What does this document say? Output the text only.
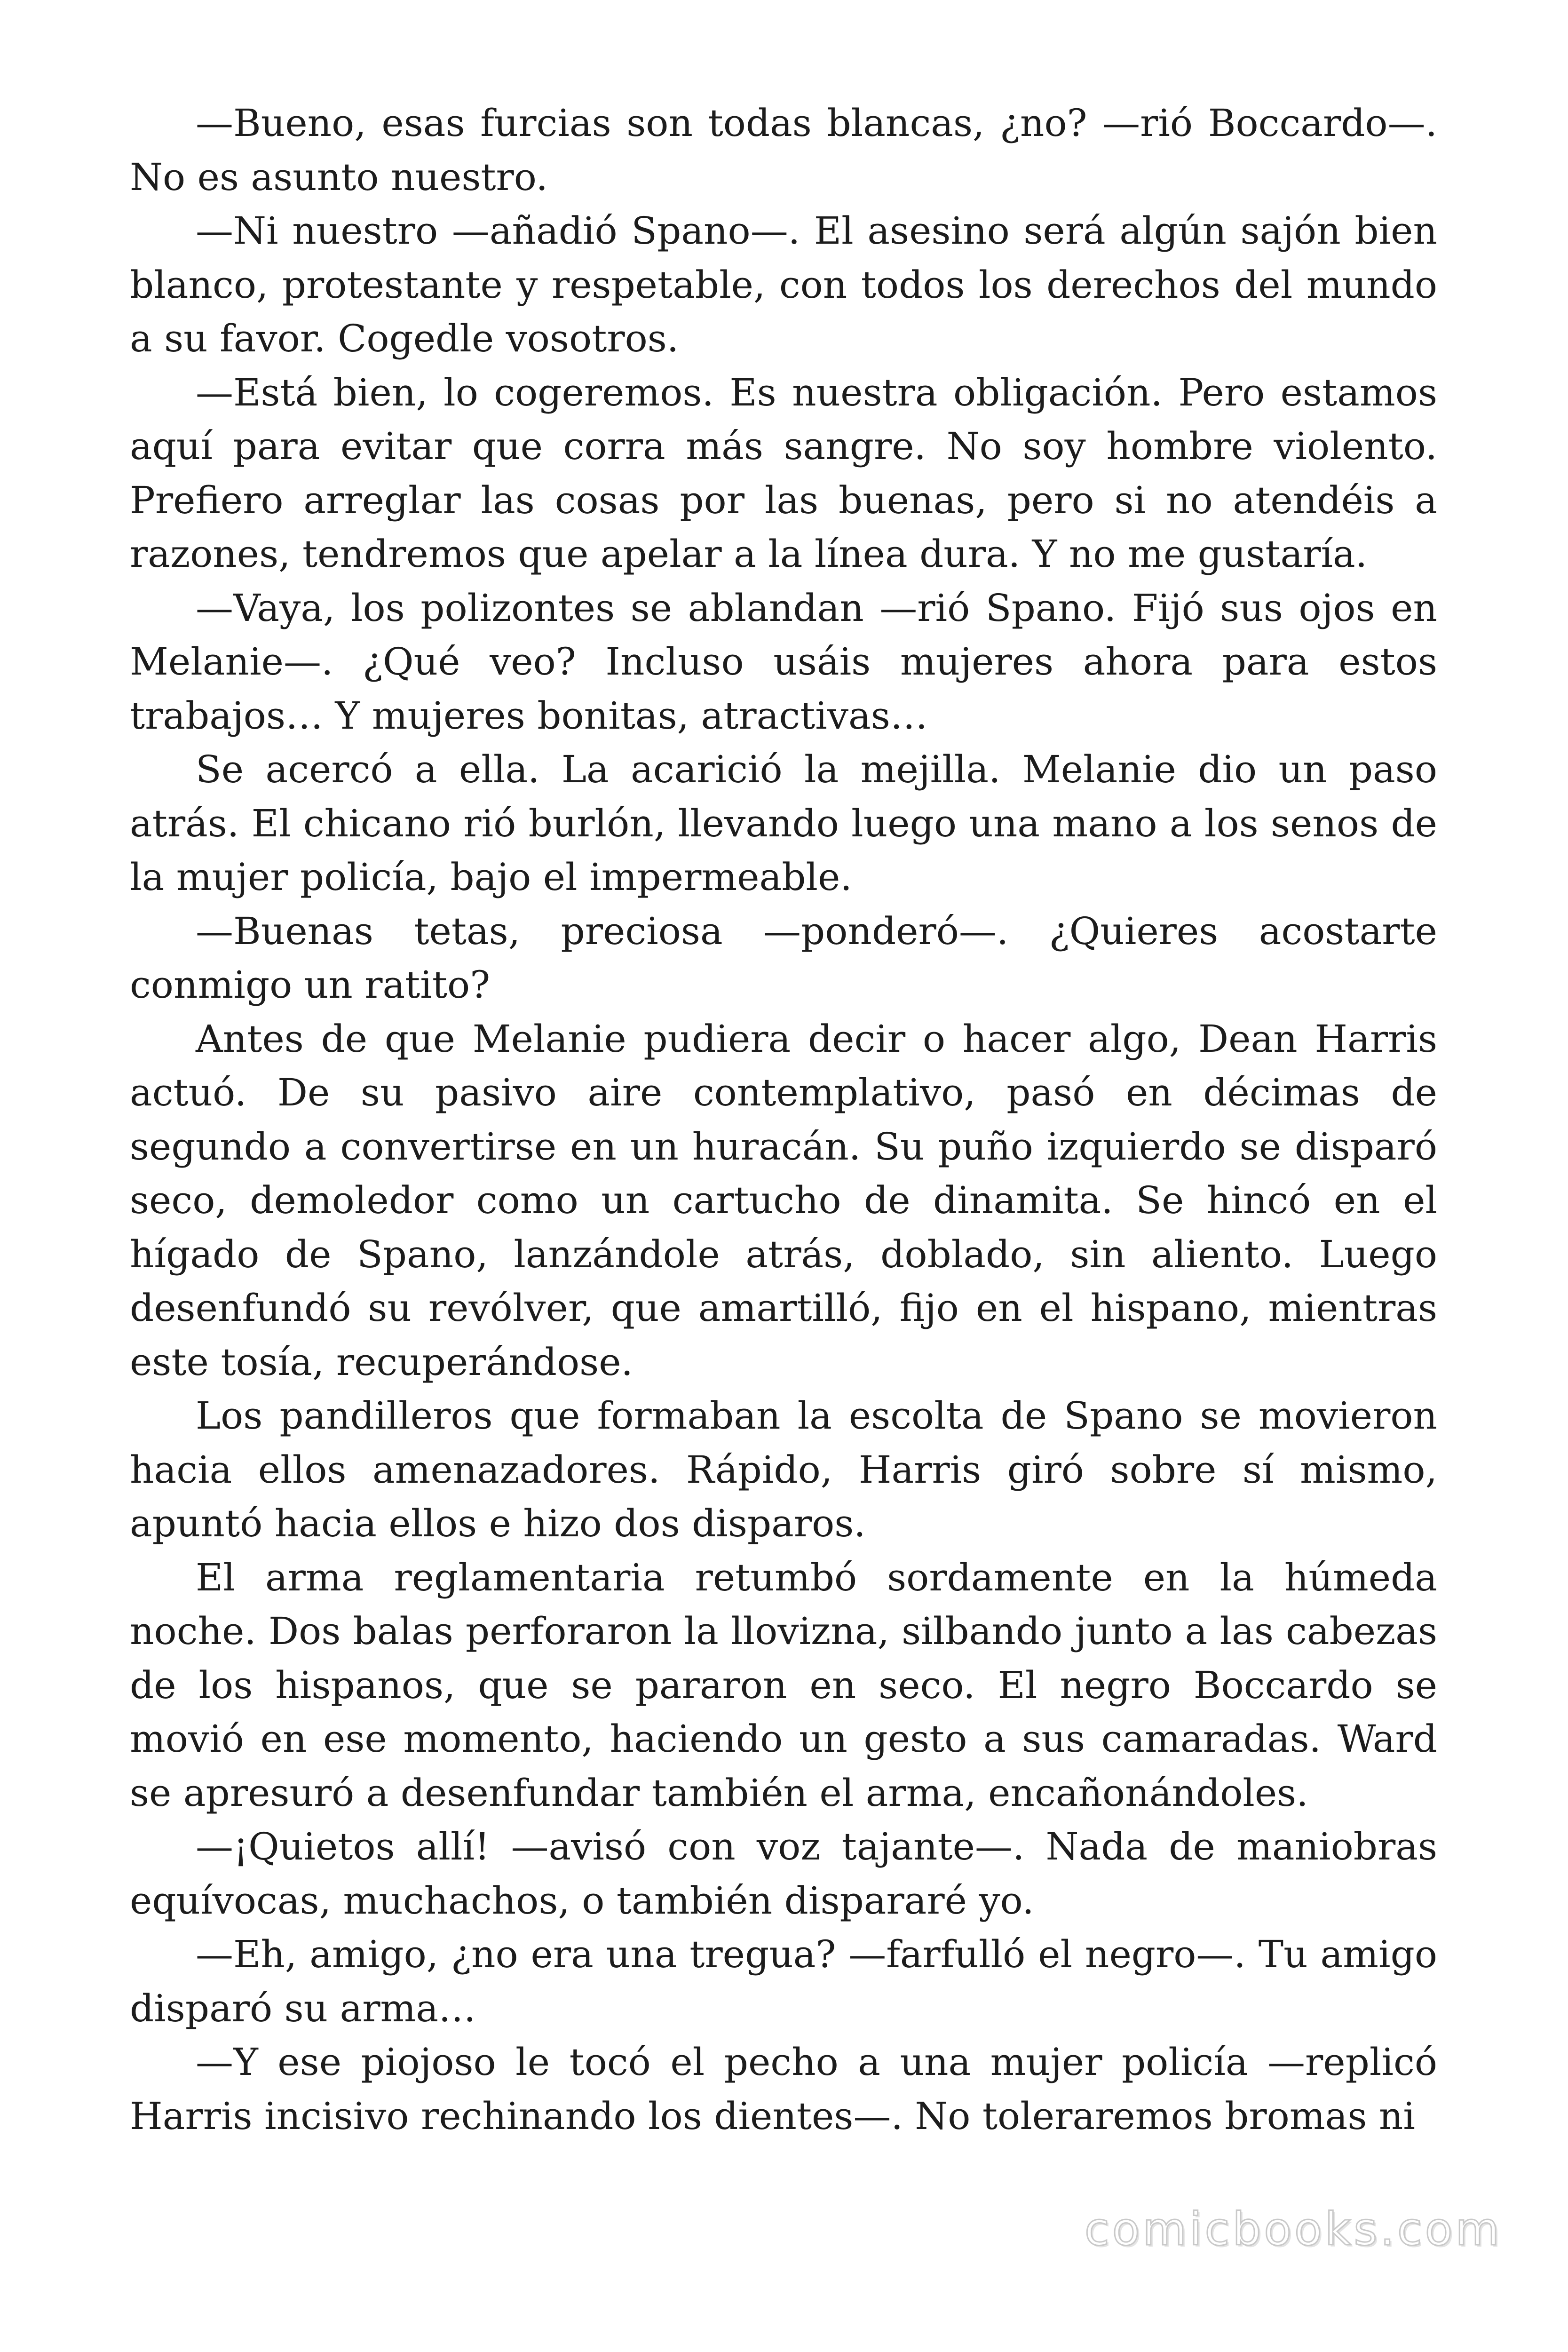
—Bueno, esas furcias son todas blancas, ¿no? —rió Boccardo—. No es asunto nuestro.

—Ni nuestro —añadió Spano—. El asesino será algún sajón bien blanco, protestante y respetable, con todos los derechos del mundo a su favor. Cogedle vosotros.

—Está bien, lo cogeremos. Es nuestra obligación. Pero estamos aquí para evitar que corra más sangre. No soy hombre violento. Prefiero arreglar las cosas por las buenas, pero si no atendéis a razones, tendremos que apelar a la línea dura. Y no me gustaría.

—Vaya, los polizontes se ablandan —rió Spano. Fijó sus ojos en Melanie—. ¿Qué veo? Incluso usáis mujeres ahora para estos trabajos… Y mujeres bonitas, atractivas…

Se acercó a ella. La acarició la mejilla. Melanie dio un paso atrás. El chicano rió burlón, llevando luego una mano a los senos de la mujer policía, bajo el impermeable.

—Buenas tetas, preciosa —ponderó—. ¿Quieres acostarte conmigo un ratito?

Antes de que Melanie pudiera decir o hacer algo, Dean Harris actuó. De su pasivo aire contemplativo, pasó en décimas de segundo a convertirse en un huracán. Su puño izquierdo se disparó seco, demoledor como un cartucho de dinamita. Se hincó en el hígado de Spano, lanzándole atrás, doblado, sin aliento. Luego desenfundó su revólver, que amartilló, fijo en el hispano, mientras este tosía, recuperándose.

Los pandilleros que formaban la escolta de Spano se movieron hacia ellos amenazadores. Rápido, Harris giró sobre sí mismo, apuntó hacia ellos e hizo dos disparos.

El arma reglamentaria retumbó sordamente en la húmeda noche. Dos balas perforaron la llovizna, silbando junto a las cabezas de los hispanos, que se pararon en seco. El negro Boccardo se movió en ese momento, haciendo un gesto a sus camaradas. Ward se apresuró a desenfundar también el arma, encañonándoles.

—¡Quietos allí! —avisó con voz tajante—. Nada de maniobras equívocas, muchachos, o también dispararé yo.

—Eh, amigo, ¿no era una tregua? —farfulló el negro—. Tu amigo disparó su arma…

—Y ese piojoso le tocó el pecho a una mujer policía —replicó Harris incisivo rechinando los dientes—. No toleraremos bromas ni

comicbooks.com
